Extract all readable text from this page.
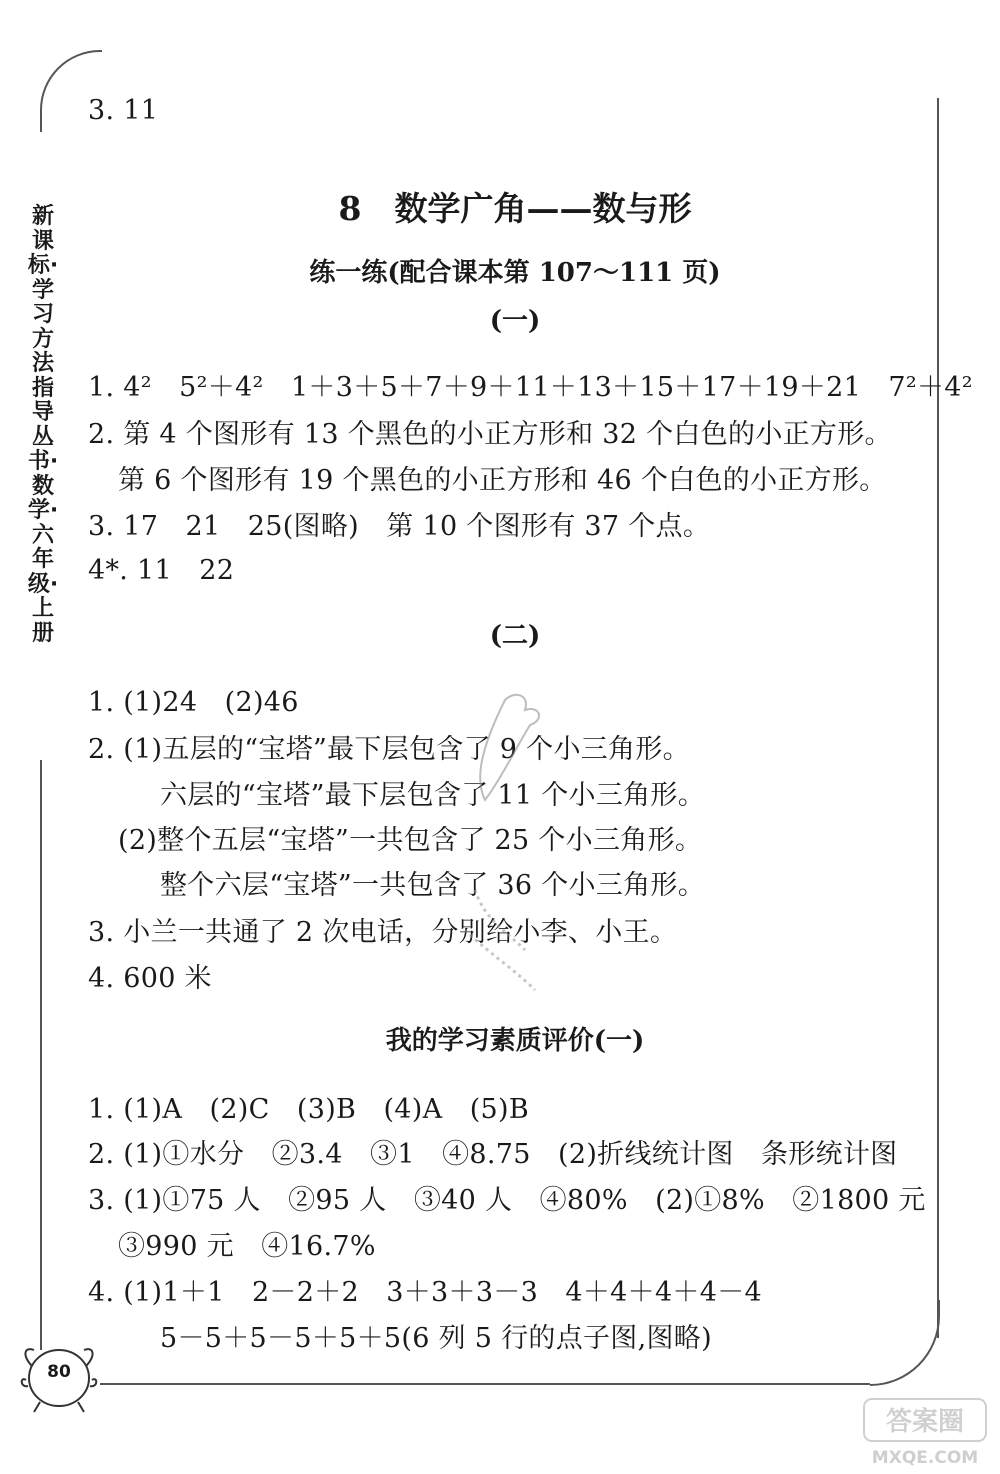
新课标·学习方法指导丛书·数学·六年级·上册
3. 11
8　数学广角——数与形
练一练(配合课本第 107～111 页)
(一)
1. 4²　5²＋4²　1＋3＋5＋7＋9＋11＋13＋15＋17＋19＋21　7²＋4²
2. 第 4 个图形有 13 个黑色的小正方形和 32 个白色的小正方形。
第 6 个图形有 19 个黑色的小正方形和 46 个白色的小正方形。
3. 17　21　25(图略)　第 10 个图形有 37 个点。
4*. 11　22
(二)
1. (1)24　(2)46
2. (1)五层的“宝塔”最下层包含了 9 个小三角形。
六层的“宝塔”最下层包含了 11 个小三角形。
(2)整个五层“宝塔”一共包含了 25 个小三角形。
整个六层“宝塔”一共包含了 36 个小三角形。
3. 小兰一共通了 2 次电话，分别给小李、小王。
4. 600 米
我的学习素质评价(一)
1. (1)A　(2)C　(3)B　(4)A　(5)B
2. (1)①水分　②3.4　③1　④8.75　(2)折线统计图　条形统计图
3. (1)①75 人　②95 人　③40 人　④80%　(2)①8%　②1800 元
③990 元　④16.7%
4. (1)1＋1　2－2＋2　3＋3＋3－3　4＋4＋4＋4－4
5－5＋5－5＋5＋5(6 列 5 行的点子图,图略)
80
答案圈
MXQE.COM
